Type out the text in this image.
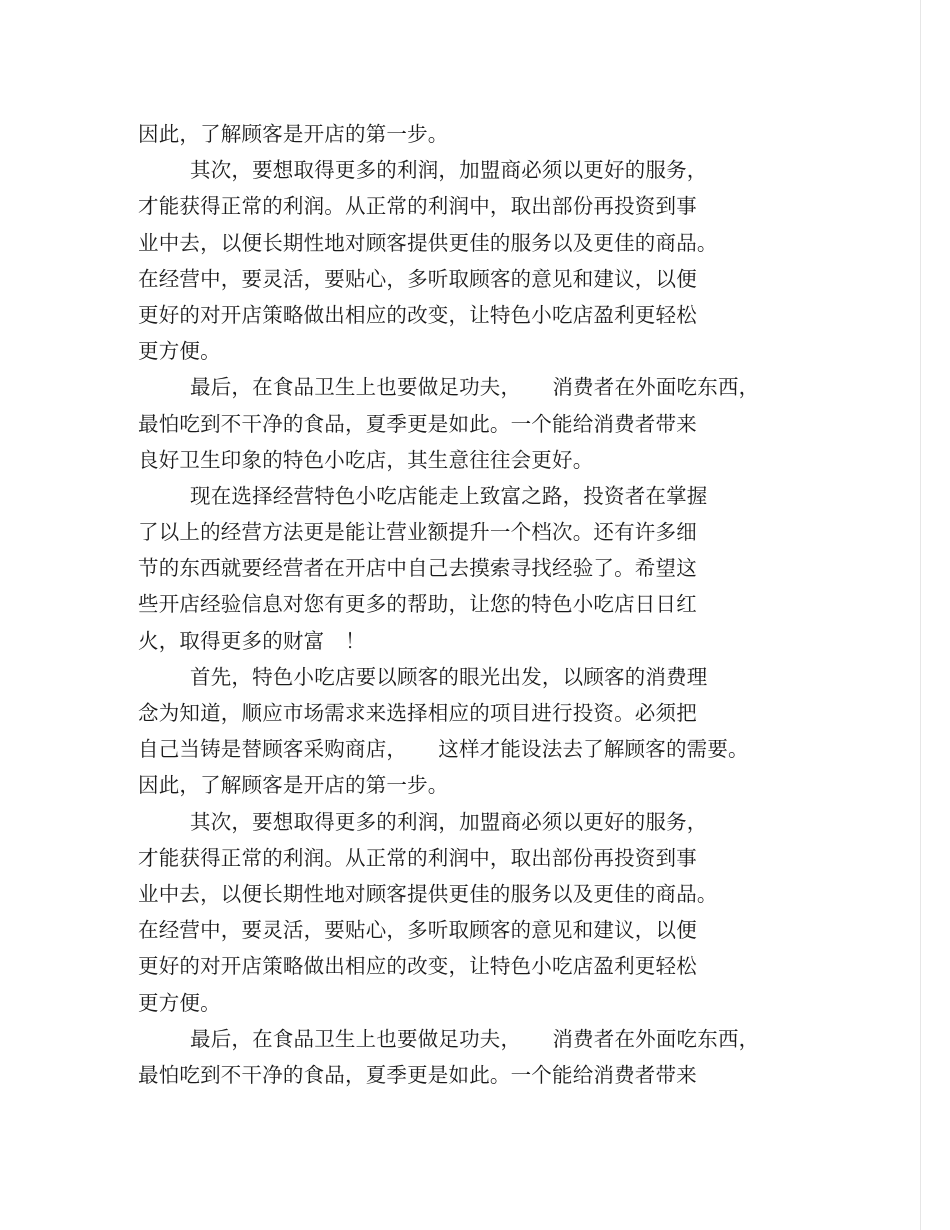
因此，了解顾客是开店的第一步。
其次，要想取得更多的利润，加盟商必须以更好的服务，
才能获得正常的利润。从正常的利润中，取出部份再投资到事
业中去，以便长期性地对顾客提供更佳的服务以及更佳的商品。
在经营中，要灵活，要贴心，多听取顾客的意见和建议，以便
更好的对开店策略做出相应的改变，让特色小吃店盈利更轻松
更方便。
最后，在食品卫生上也要做足功夫，　　消费者在外面吃东西，
最怕吃到不干净的食品，夏季更是如此。一个能给消费者带来
良好卫生印象的特色小吃店，其生意往往会更好。
现在选择经营特色小吃店能走上致富之路，投资者在掌握
了以上的经营方法更是能让营业额提升一个档次。还有许多细
节的东西就要经营者在开店中自己去摸索寻找经验了。希望这
些开店经验信息对您有更多的帮助，让您的特色小吃店日日红
火，取得更多的财富　！
首先，特色小吃店要以顾客的眼光出发，以顾客的消费理
念为知道，顺应市场需求来选择相应的项目进行投资。必须把
自己当铸是替顾客采购商店，　　这样才能设法去了解顾客的需要。
因此，了解顾客是开店的第一步。
其次，要想取得更多的利润，加盟商必须以更好的服务，
才能获得正常的利润。从正常的利润中，取出部份再投资到事
业中去，以便长期性地对顾客提供更佳的服务以及更佳的商品。
在经营中，要灵活，要贴心，多听取顾客的意见和建议，以便
更好的对开店策略做出相应的改变，让特色小吃店盈利更轻松
更方便。
最后，在食品卫生上也要做足功夫，　　消费者在外面吃东西，
最怕吃到不干净的食品，夏季更是如此。一个能给消费者带来
